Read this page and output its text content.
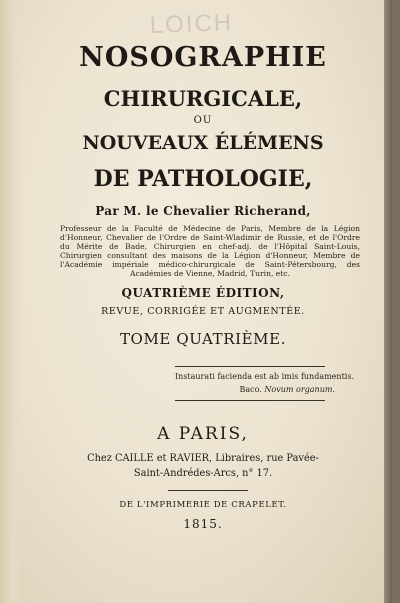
LOICH
NOSOGRAPHIE
CHIRURGICALE,
OU
NOUVEAUX ÉLÉMENS
DE PATHOLOGIE,
Par M. le Chevalier Richerand,
Professeur de la Faculté de Médecine de Paris, Membre de la Légion d'Honneur, Chevalier de l'Ordre de Saint-Wladimir de Russie, et de l'Ordre du Mérite de Bade, Chirurgien en chef-adj. de l'Hôpital Saint-Louis, Chirurgien consultant des maisons de la Légion d'Honneur, Membre de l'Académie impériale médico-chirurgicale de Saint-Pétersbourg, des Académies de Vienne, Madrid, Turin, etc.
QUATRIÈME ÉDITION,
REVUE, CORRIGÉE ET AUGMENTÉE.
TOME QUATRIÈME.
Instaurati facienda est ab imis fundamentis.
Baco. Novum organum.
A PARIS,
Chez CAILLE et RAVIER, Libraires, rue Pavée-
Saint-Andrédes-Arcs, n° 17.
DE L'IMPRIMERIE DE CRAPELET.
1815.
